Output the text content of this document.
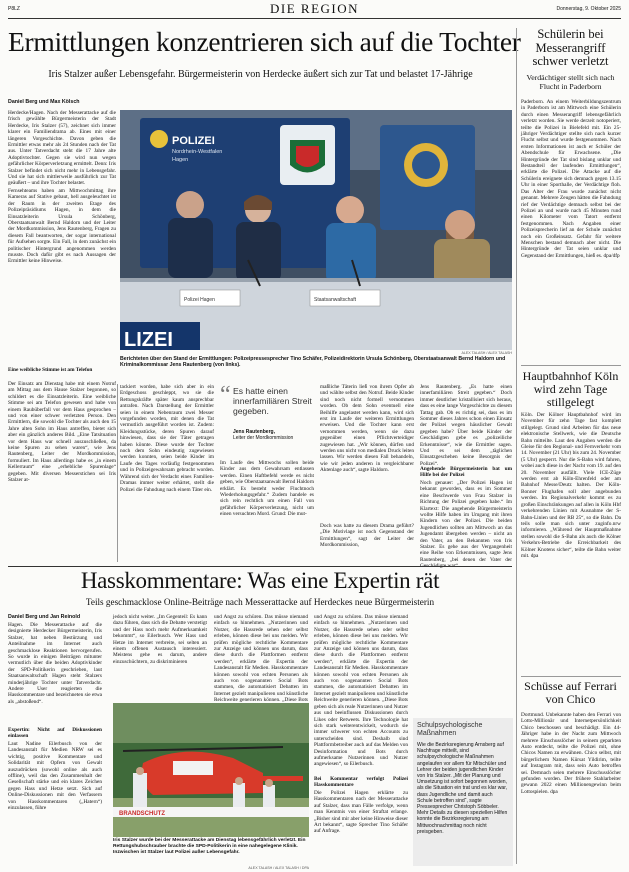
P8LZ	DIE REGION	Donnerstag, 9. Oktober 2025
Ermittlungen konzentrieren sich auf die Tochter
Iris Stalzer außer Lebensgefahr. Bürgermeisterin von Herdecke äußert sich zur Tat und belastet 17-Jährige
Daniel Berg und Max Kölsch

Herdecke/Hagen. Nach der Messerattacke auf die frisch gewählte Bürgermeisterin der Stadt Herdecke, Iris Stalzer (57), zeichnet sich immer klarer ein Familiendrama ab. Eines mit einer längeren Vorgeschichte. Davon geben die Ermittler etwas mehr als 24 Stunden nach der Tat aus. Unter Tatverdacht steht die 17 Jahre alte Adoptivtochter. Gegen sie wird nun wegen gefährlicher Körperverletzung ermittelt. Denn: Iris Stalzer befindet sich nicht mehr in Lebensgefahr. Und sie hat sich mittlerweile ausführlich zur Tat geäußert – und ihre Tochter belastet.

Fernsehteams haben am Mittwochmittag ihre Kameras auf Stative gebaut, hell ausgeleuchtet ist der Raum in der zweiten Etage des Polizeipräsidiums Hagen, in dem die Einsatzleiterin Ursula Schönberg, Oberstaatsanwalt Bernd Haldorn und der Leiter der Mordkommission, Jens Rautenberg, Fragen zu diesem Fall beantworten, der sogar international für Aufsehen sorgte. Ein Fall, in dem zunächst ein politischer Hintergrund angenommen werden musste. Doch dafür gibt es nach Aussagen der Ermittler keine Hinweise.

Eine weibliche Stimme ist am Telefon
Der Einsatz am Dienstag habe mit einem Notruf am Mittag aus dem Hause Stalzer begonnen, so schildert es die Einsatzleiterin. Eine weibliche Stimme sei am Telefon gewesen und habe von einem Raubüberfall vor dem Haus gesprochen – und von einer schwer verletzten Person. Den Ermittlern, die sowohl die Tochter als auch den 15 Jahre alten Sohn im Haus antreffen, bietet sich aber ein gänzlich anderes Bild. „Eine Tatsituation vor dem Haus war schnell auszuschließen, da keine Spuren zu sehen waren“, wie Jens Rautenberg, Leiter der Mordkommission, formuliert. Im Haus allerdings habe es „in einem Kellerraum“ eine „erhebliche Spurenlage“ gegeben. Mit diversen Messerstichen sei Iris Stalzer at-
POLIZEI
Nordrhein-Westfalen
Hagen
Polizei Hagen	Staatsanwaltschaft
LIZEI
ALEX TALASH / ALEX TALASH
Berichteten über den Stand der Ermittlungen: Polizeipressesprecher Tino Schäfer, Polizeidirektorin Ursula Schönberg, Oberstaatsanwalt Bernd Haldorn und Kriminalkommissar Jens Rautenberg (von links).
tackiert worden, habe sich aber in ein Erdgeschoss geschleppt, wo sie die Rettungskräfte später kaum ansprechbar antrafen. Nach Darstellung der Ermittler seien in einem Nebenraum zwei Messer vorgefunden worden, mit denen die Tat vermutlich ausgeführt worden ist. Zudem: Kleidungsstücke, deren Spuren darauf hinwiesen, dass sie der Täter getragen haben könnte. Diese wurde der Tochter noch dem Sohn eindeutig zugewiesen werden konnten, seien beide Kinder im Laufe des Tages vorläufig festgenommen und in Polizeigewahrsam gebracht worden. Während sich der Verdacht eines Familien-Dramas immer weiter erhärtet, stellt die Polizei die Fahndung nach einem Täter ein.
“ Es hatte einen innerfamiliären Streit gegeben.
Jens Rautenberg,
Leiter der Mordkommission
Im Laufe des Mittwochs sollen beide Kinder aus dem Gewahrsam entlassen werden. Einen Haftbefehl werde es nicht geben, wie Oberstaatsanwalt Bernd Haldorn erklärt. Es besteht weder Fluchtnoch Wiederholungsgefahr.“ Zudem handele es sich rein rechtlich um einen Fall von gefährlicher Körperverletzung, nicht um einen versuchten Mord. Grund: Die mut-
maßliche Täterin ließ von ihrem Opfer ab und wählte selbst den Notruf. Beide Kinder sind noch nicht formell vernommen worden. Ob dem Sohn eventuell eine Beihilfe angelastet werden kann, wird sich erst im Laufe der weiteren Ermittlungen erweisen. Und die Tochter kann erst vernommen werden, wenn sie dazu gegenüber einen Pflichtverteidiger zugewiesen hat. „Wir können, dürfen und werden uns nicht von medialen Druck leiten lassen. Wir werden diesen Fall behandeln, wie wir jeden anderen in vergleichbarer Aktenlage auch“, sagte Haldorn.
Doch was hatte zu diesem Drama geführt? „Die Motivlage ist noch Gegenstand der Ermittlungen“, sagt der Leiter der Mordkommission,
Jens Rautenberg. „Es hatte einen innerfamiliären Streit gegeben.“ Doch immer deutlicher kristallisiert sich heraus, dass es eine lange Vorgeschichte zu diesem Tattag gab. Ob es richtig sei, dass es im Sommer dieses Jahres schon einen Einsatz der Polizei wegen häuslicher Gewalt gegeben habe? Über beide Kinder der Geschädigten gebe es „polizeiliche Erkenntnisse“, wie die Ermittler sagen. Und es sei dem „täglichen Einsatzgeschehen keine Besorgnis der Polizei“.
Angehende Bürgermeisterin bat um Hilfe bei der Polizei
Noch genauer: „Der Polizei Hagen ist bekannt geworden, dass es im Sommer eine Beschwerde von Frau Stalzer in Richtung der Polizei gegeben habe.“ Im Klartext: Die angehende Bürgermeisterin wollte Hilfe haben im Umgang mit ihren Kindern von der Polizei. Die beiden Jugendlichen sollten am Mittwoch an das Jugendamt übergeben werden – nicht an den Vater, an den Bekannten von Iris Stalzer. Es gehe aus der Vergangenheit eine Reihe von Erkenntnissen, sagte Jens Rautenberg, „bei denen der Vater der
Hasskommentare: Was eine Expertin rät
Teils geschmacklose Online-Beiträge nach Messerattacke auf Herdeckes neue Bürgermeisterin
Daniel Berg und Jan Reinold
Hagen. Die Messerattacke auf die designierte Herdecker Bürgermeisterin, Iris Stalzer, hat neben Bestürzung und Anteilnahme im Internet auch geschmacklose Reaktionen hervorgerufen. So wurde in einigen Beiträgen mitunter vermutlich über die beiden Adoptivkinder der SPD-Politikerin geschrieben, laut Staatsanwaltschaft Hagen steht Stalzers minderjährige Tochter unter Tatverdacht. Andere User reagierten die Hasskommentare und bezeichneten sie etwa als „abstoßend“.
Expertin: Nicht auf Diskussionen einlassen
Laut Nadine Eilerbusch von der Landesanstalt für Medien NRW sei es wichtig, positive Kommentare und Solidarität mit Opfern von Gewalt auszudrücken (sowohl online als auch offline), weil das den Zusammenhalt der Gesellschaft stärke und ein klares Zeichen gegen Hass und Hetze setzt. Sich auf Online-Diskussionen mit den Verfassern von Hasskommentaren („Hatern“) einzulassen, führe
jedoch nicht weiter. „Im Gegenteil: Es kann dazu führen, dass sich die Debatte verstetigt und der Hass noch mehr Aufmerksamkeit bekommt“, so Eilerbusch. Wer Hass und Hetze im Internet verbreite, sei selten an einem offenen Austausch interessiert. Meistens gehe es darum, andere einzuschüchtern, zu diskriminieren
und Angst zu schüren. Das müsse niemand einfach so hinnehmen. „Nutzerinnen und Nutzer, die Hassrede sehen oder selbst erleben, können diese bei uns melden. Wir prüfen mögliche rechtliche Kommentare zur Anzeige und können uns darum, dass diese durch die Plattformen entfernt werden“, erklärte die Expertin der Landesanstalt für Medien. Hasskommentare können sowohl von echten Personen als auch von sogenannten Social Bots stammen, die automatisiert Debatten im Internet gezielt manipulieren und künstliche Reichweite generieren können. „Diese Bots

und Angst zu schüren. Das müsse niemand einfach so hinnehmen. „Nutzerinnen und Nutzer, die Hassrede sehen oder selbst erleben, können diese bei uns melden. Wir prüfen mögliche rechtliche Kommentare zur Anzeige und können uns darum, dass diese durch die Plattformen entfernt werden“, erklärte die Expertin der Landesanstalt für Medien. Hasskommentare können sowohl von echten Personen als auch von sogenannten Social Bots stammen, die automatisiert Debatten im Internet gezielt manipulieren und künstliche Reichweite generieren können. „Diese Bots geben sich als reale Nutzerinnen und Nutzer aus und beeinflussen Diskussionen durch Likes oder Retweets. Ihre Technologie hat sich stark weiterentwickelt, wodurch sie immer schwerer von echten Accounts zu unterscheiden sind. Deshalb sind Plattformbetreiber auch auf das Melden von Desinformation und Bots durch aufmerksame Nutzerinnen und Nutzer angewiesen“, so Eilerbusch.

Bei Kommentar verfolgt Polizei Hasskommentare
Die Polizei Hagen erklärte zu Hasskommentaren nach der Messerattacke auf Stalzer, dass man Fälle verfolge, wenn man Kenntnis von einer Straftat erlange. „Bisher sind mir aber keine Hinweise dieser Art bekannt“, sagte Sprecher Tino Schäfer auf Anfrage.
BRANDSCHUTZ
Iris Stalzer wurde bei der Messerattacke am Dienstag lebensgefährlich verletzt. Ein Rettungshubschrauber brachte die SPD-Politikerin in eine nahegelegene Klinik. Inzwischen ist Stalzer laut Polizei außer Lebensgefahr.
ALEX TALASH / ALEX TALASH / DPA
Schulpsychologische Maßnahmen
Wie die Bezirksregierung Arnsberg auf Nachfrage mitteilt, sind schulpsychologische Maßnahmen angelaufen vor allem für Mitschüler und Lehrer der beiden jugendlichen Kinder von Iris Stalzer. „Mit der Planung und Umsetzung ist sofort begonnen worden, als die Situation ein trat und es klar war, dass Jugendliche und damit auch Schule betroffen sind“, sagte Pressesprecher Christoph Söbbeler. Mehr Details zu diesen speziellen Hilfen konnte die Bezirksregierung am Mittwochnachmittag noch nicht preisgeben.
Schülerin bei Messerangriff schwer verletzt
Verdächtiger stellt sich nach Flucht in Paderborn
Paderborn. An einem Weiterbildungszentrum in Paderborn ist am Mittwoch eine Schülerin durch einen Messerangriff lebensgefährlich verletzt worden. Sie werde derzeit notoperiert, teilte die Polizei in Bielefeld mit. Ein 25-jähriger Verdächtiger stellte sich nach kurzer Flucht selbst und wurde festgenommen. Nach ersten Informationen ist auch er Schüler der Abendschule für Erwachsene. „Die Hintergründe der Tat sind bislang unklar und Bestandteil der laufenden Ermittlungen“, erklärte die Polizei. Die Attacke auf die Schülerin ereignete sich demnach gegen 13.15 Uhr in einer Sporthalle, der Verdächtige floh. Das Alter der Frau wurde zunächst nicht genannt. Mehrere Zeugen hätten die Fahndung rief der Verdächtige demnach selbst bei der Polizei an und wurde nach 45 Minuten rund einen Kilometer vom Tatort entfernt festgenommen. Nach Angaben einer Polizeisprecherin lief an der Schule zunächst noch ein Großeinsatz. Gefahr für weitere Menschen bestand demnach aber nicht. Die Hintergründe der Tat seien unklar und Gegenstand der Ermittlungen, hieß es. dpa/dfp
Hauptbahnhof Köln wird zehn Tage stillgelegt
Köln. Der Kölner Hauptbahnhof wird im November für zehn Tage fast komplett stillgelegt. Grund sind Arbeiten für das neue elektronische Stellwerk, wie die Deutsche Bahn mitteilte. Laut den Angaben werden die Gleise für den Regional- und Fernverkehr vom 14. November (21 Uhr) bis zum 24. November (5 Uhr) gesperrt. Nur die S-Bahn wird fahren, wobei auch diese in der Nacht vom 19. auf den 20. November ausfällt. Viele ICE-Züge werden erst ab Köln-Ehrenfeld oder am Bahnhof Messe/Deutz halten. Der Köln-Bonner Flughafen soll aber angebunden werden. Im Regionalverkehr kommt es zu großen Einschränkungen auf allen in Köln Hbf verkehrenden Linien mit Ausnahme der S-Bahn-Linien und der RB 25“, so die Bahn. Da teils solle man sich unter zuginfo.nrw informieren. „Während der Hauptmaßnahme stellen sowohl die S-Bahn als auch die Kölner Verkehrs-Betriebe die Erreichbarkeit des Kölner Knotens sicher“, teilte die Bahn weiter mit. dpa
Schüsse auf Ferrari von Chico
Dortmund. Unbekannte haben den Ferrari von Lotto-Millionär und Internetpersönlichkeit Chico beschossen und beschädigt. Ein 44-Jähriger habe in der Nacht zum Mittwoch mehrere Einschusslöcher in seinem geparkten Auto entdeckt, teilte die Polizei mit, ohne Chicos Namen zu erwähnen. Chico selbst, mit bürgerlichem Namen Kürsat Yildirim, teilte auf Instagram mit, dass sein Auto betroffen sei. Demnach seien mehrere Einschusslöcher gefunden worden. Der frühere Stahlarbeiter gewann 2022 einen Millionengewinn beim Lottospielen. dpa
